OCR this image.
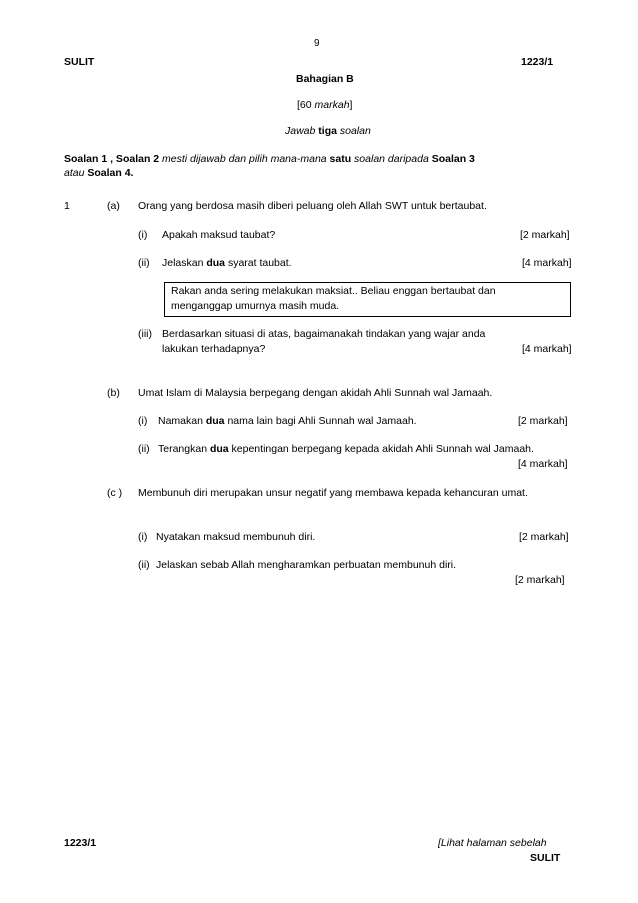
9
SULIT	1223/1
Bahagian B
[60 markah]
Jawab tiga soalan
Soalan 1 , Soalan 2 mesti dijawab dan pilih mana-mana satu soalan daripada Soalan 3
atau Soalan 4.
1	(a) Orang yang berdosa masih diberi peluang oleh Allah SWT untuk bertaubat.
(i) Apakah maksud taubat?	[2 markah]
(ii) Jelaskan dua syarat taubat.	[4 markah]
Rakan anda sering melakukan maksiat.. Beliau enggan bertaubat dan
menganggap umurnya masih muda.
(iii) Berdasarkan situasi di atas, bagaimanakah tindakan yang wajar anda
lakukan terhadapnya?	[4 markah]
(b) Umat Islam di Malaysia berpegang dengan akidah Ahli Sunnah wal Jamaah.
(i) Namakan dua nama lain bagi Ahli Sunnah wal Jamaah.	[2 markah]
(ii) Terangkan dua kepentingan berpegang kepada akidah Ahli Sunnah wal Jamaah.
[4 markah]
(c ) Membunuh diri merupakan unsur negatif yang membawa kepada kehancuran umat.
(i) Nyatakan maksud membunuh diri.	[2 markah]
(ii) Jelaskan sebab Allah mengharamkan perbuatan membunuh diri.
[2 markah]
1223/1	[Lihat halaman sebelah
SULIT
